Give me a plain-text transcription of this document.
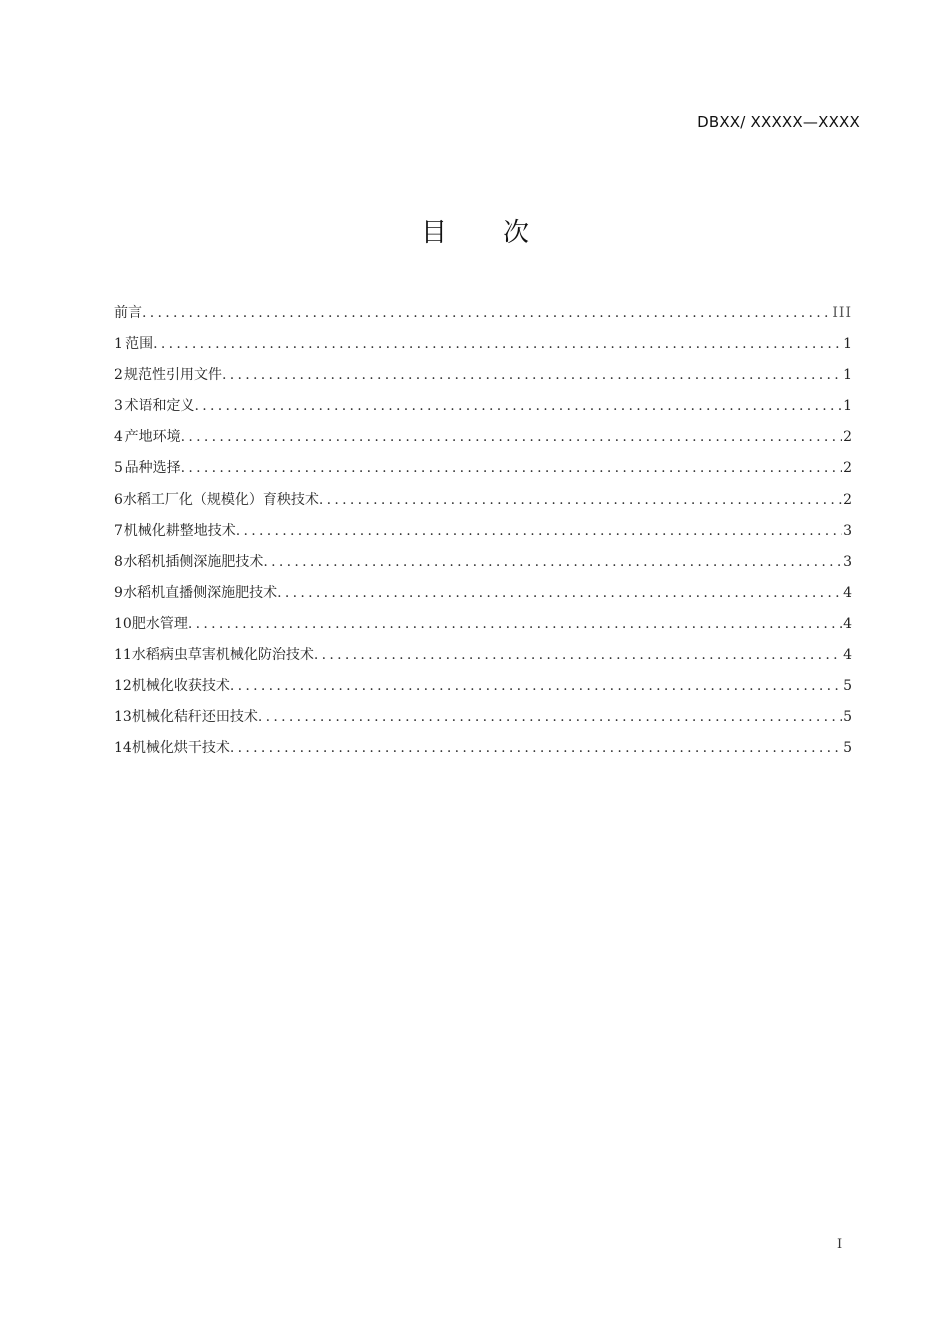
DBXX/ XXXXX—XXXX
目 次
前言 .....	III
1 范围 .....	1
2 规范性引用文件 .....	1
3 术语和定义 .....	1
4 产地环境 .....	2
5 品种选择 .....	2
6 水稻工厂化（规模化）育秧技术 .....	2
7 机械化耕整地技术 .....	3
8 水稻机插侧深施肥技术 .....	3
9 水稻机直播侧深施肥技术 .....	4
10 肥水管理 .....	4
11 水稻病虫草害机械化防治技术 .....	4
12 机械化收获技术 .....	5
13 机械化秸秆还田技术 .....	5
14 机械化烘干技术 .....	5
I
